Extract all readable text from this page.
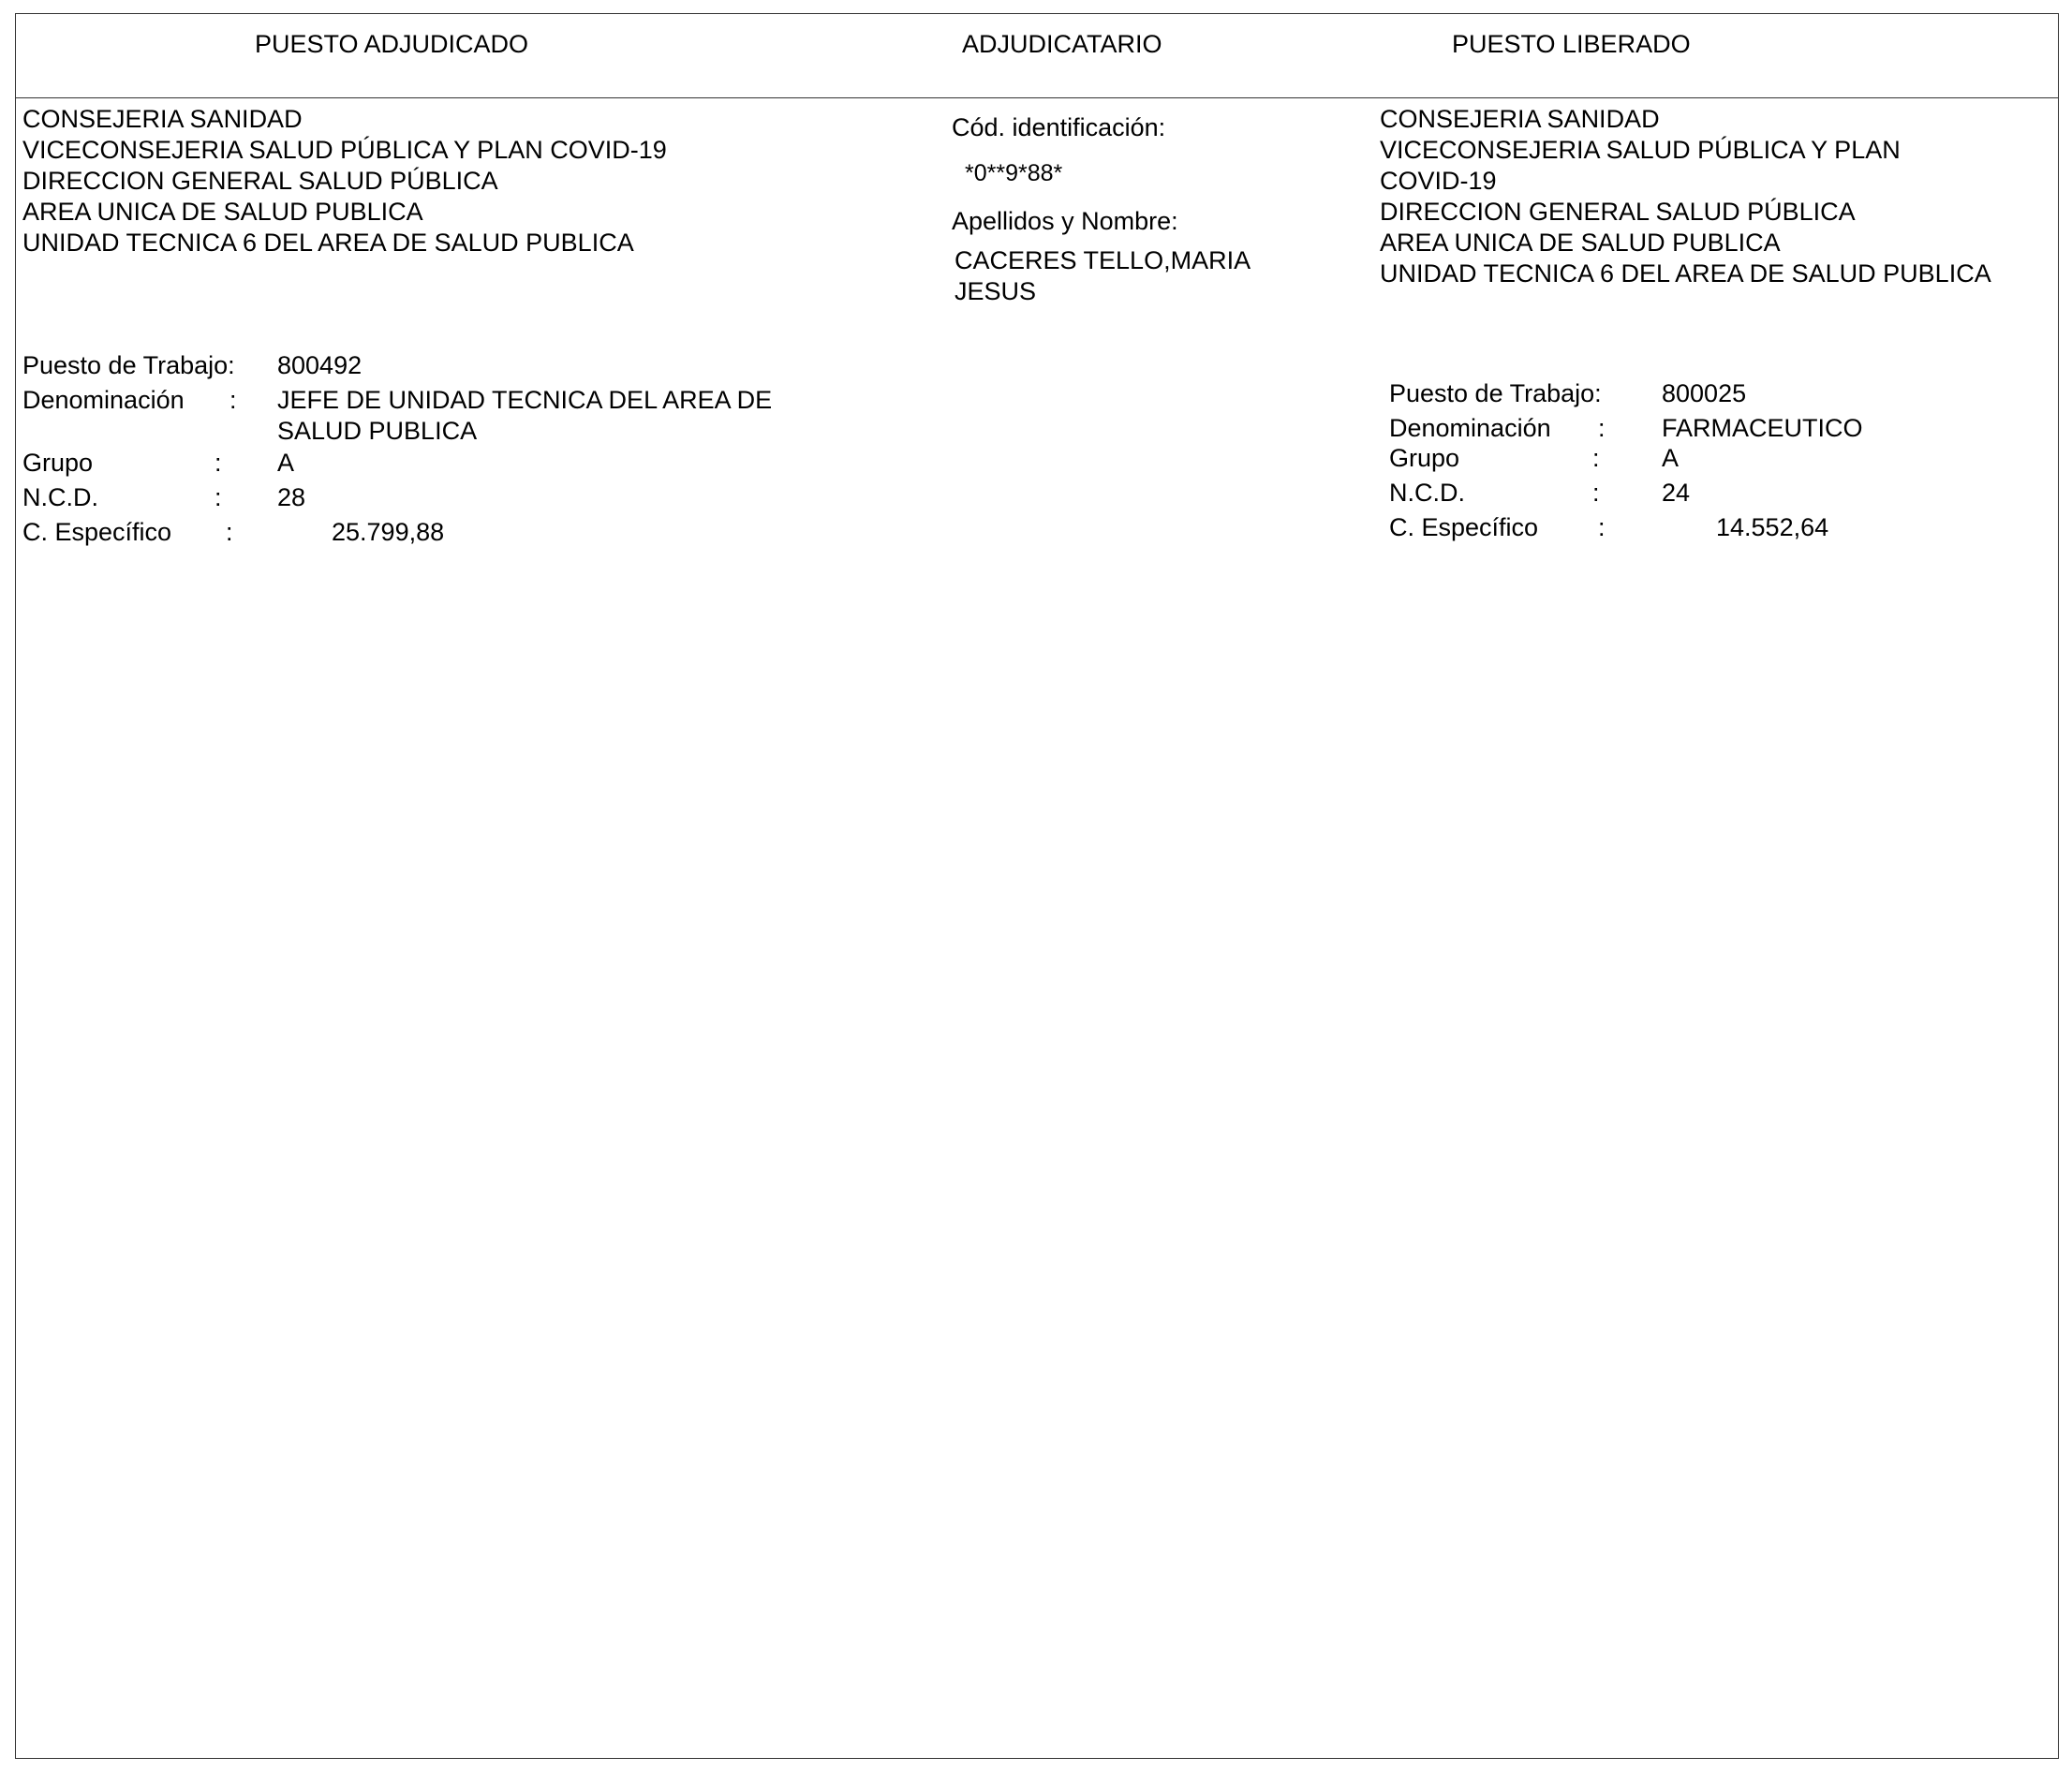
PUESTO ADJUDICADO	ADJUDICATARIO	PUESTO LIBERADO
CONSEJERIA SANIDAD
VICECONSEJERIA SALUD PÚBLICA Y PLAN COVID-19
DIRECCION GENERAL SALUD PÚBLICA
AREA UNICA DE SALUD PUBLICA
UNIDAD TECNICA 6 DEL AREA DE SALUD PUBLICA
Puesto de Trabajo: 800492
Denominación : JEFE DE UNIDAD TECNICA DEL AREA DE
SALUD PUBLICA
Grupo	: A
N.C.D.	: 28
C. Específico :	25.799,88
Cód. identificación:
*0**9*88*
Apellidos y Nombre:
CACERES TELLO,MARIA
JESUS
CONSEJERIA SANIDAD
VICECONSEJERIA SALUD PÚBLICA Y PLAN
COVID-19
DIRECCION GENERAL SALUD PÚBLICA
AREA UNICA DE SALUD PUBLICA
UNIDAD TECNICA 6 DEL AREA DE SALUD PUBLICA
Puesto de Trabajo: 800025
Denominación : FARMACEUTICO
Grupo	: A
N.C.D.	: 24
C. Específico :	14.552,64
